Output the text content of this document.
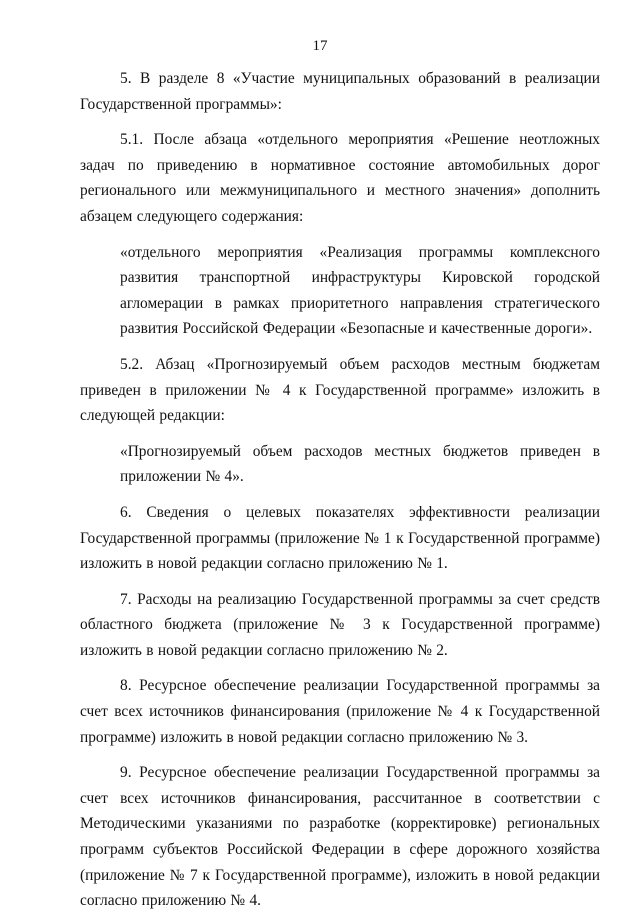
17

5. В разделе 8 «Участие муниципальных образований в реализации Государственной программы»:

5.1. После абзаца «отдельного мероприятия «Решение неотложных задач по приведению в нормативное состояние автомобильных дорог регионального или межмуниципального и местного значения» дополнить абзацем следующего содержания:

«отдельного мероприятия «Реализация программы комплексного развития транспортной инфраструктуры Кировской городской агломерации в рамках приоритетного направления стратегического развития Российской Федерации «Безопасные и качественные дороги».

5.2. Абзац «Прогнозируемый объем расходов местным бюджетам приведен в приложении № 4 к Государственной программе» изложить в следующей редакции:

«Прогнозируемый объем расходов местных бюджетов приведен в приложении № 4».

6. Сведения о целевых показателях эффективности реализации Государственной программы (приложение № 1 к Государственной программе) изложить в новой редакции согласно приложению № 1.

7. Расходы на реализацию Государственной программы за счет средств областного бюджета (приложение № 3 к Государственной программе) изложить в новой редакции согласно приложению № 2.

8. Ресурсное обеспечение реализации Государственной программы за счет всех источников финансирования (приложение № 4 к Государственной программе) изложить в новой редакции согласно приложению № 3.

9. Ресурсное обеспечение реализации Государственной программы за счет всех источников финансирования, рассчитанное в соответствии с Методическими указаниями по разработке (корректировке) региональных программ субъектов Российской Федерации в сфере дорожного хозяйства (приложение № 7 к Государственной программе), изложить в новой редакции согласно приложению № 4.
